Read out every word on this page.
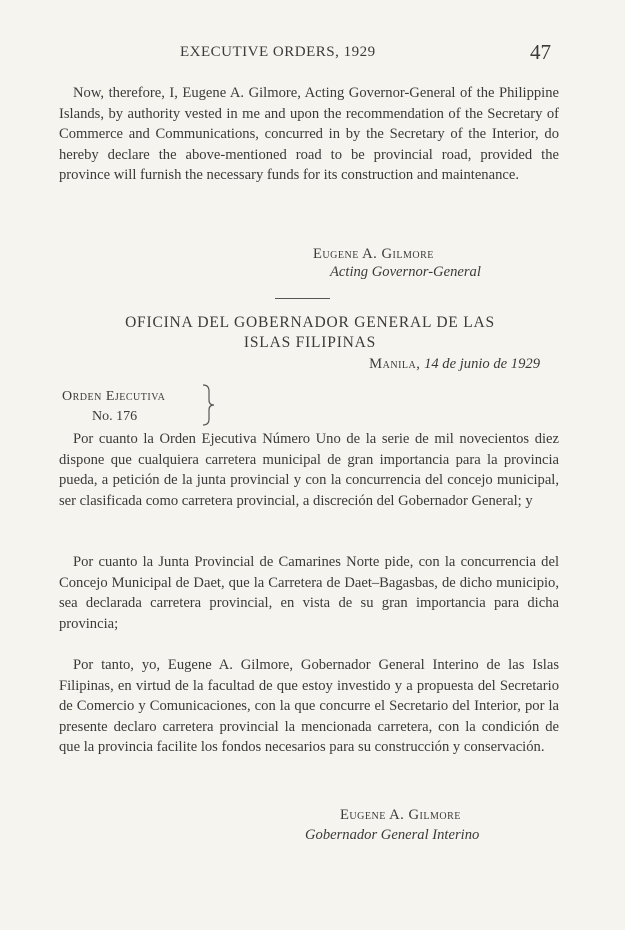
EXECUTIVE ORDERS, 1929	47

Now, therefore, I, Eugene A. Gilmore, Acting Governor-General of the Philippine Islands, by authority vested in me and upon the recommendation of the Secretary of Commerce and Communications, concurred in by the Secretary of the Interior, do hereby declare the above-mentioned road to be provincial road, provided the province will furnish the necessary funds for its construction and maintenance.

Eugene A. Gilmore
Acting Governor-General
OFICINA DEL GOBERNADOR GENERAL DE LAS
ISLAS FILIPINAS
Manila, 14 de junio de 1929
Orden Ejecutiva
No. 176

Por cuanto la Orden Ejecutiva Número Uno de la serie de mil novecientos diez dispone que cualquiera carretera municipal de gran importancia para la provincia pueda, a petición de la junta provincial y con la concurrencia del concejo municipal, ser clasificada como carretera provincial, a discreción del Gobernador General; y

Por cuanto la Junta Provincial de Camarines Norte pide, con la concurrencia del Concejo Municipal de Daet, que la Carretera de Daet–Bagasbas, de dicho municipio, sea declarada carretera provincial, en vista de su gran importancia para dicha provincia;

Por tanto, yo, Eugene A. Gilmore, Gobernador General Interino de las Islas Filipinas, en virtud de la facultad de que estoy investido y a propuesta del Secretario de Comercio y Comunicaciones, con la que concurre el Secretario del Interior, por la presente declaro carretera provincial la mencionada carretera, con la condición de que la provincia facilite los fondos necesarios para su construcción y conservación.

Eugene A. Gilmore
Gobernador General Interino
